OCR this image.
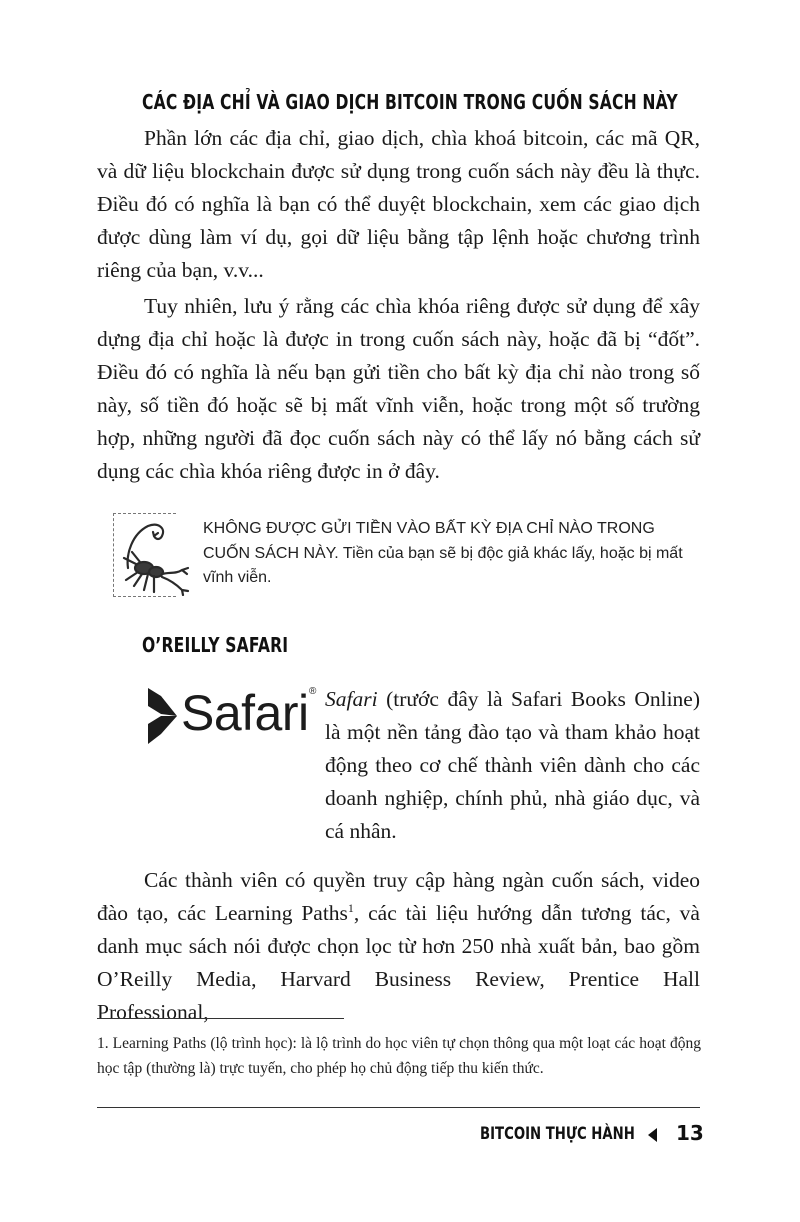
CÁC ĐỊA CHỈ VÀ GIAO DỊCH BITCOIN TRONG CUỐN SÁCH NÀY

Phần lớn các địa chỉ, giao dịch, chìa khoá bitcoin, các mã QR, và dữ liệu blockchain được sử dụng trong cuốn sách này đều là thực. Điều đó có nghĩa là bạn có thể duyệt blockchain, xem các giao dịch được dùng làm ví dụ, gọi dữ liệu bằng tập lệnh hoặc chương trình riêng của bạn, v.v...

Tuy nhiên, lưu ý rằng các chìa khóa riêng được sử dụng để xây dựng địa chỉ hoặc là được in trong cuốn sách này, hoặc đã bị “đốt”. Điều đó có nghĩa là nếu bạn gửi tiền cho bất kỳ địa chỉ nào trong số này, số tiền đó hoặc sẽ bị mất vĩnh viễn, hoặc trong một số trường hợp, những người đã đọc cuốn sách này có thể lấy nó bằng cách sử dụng các chìa khóa riêng được in ở đây.

KHÔNG ĐƯỢC GỬI TIỀN VÀO BẤT KỲ ĐỊA CHỈ NÀO TRONG CUỐN SÁCH NÀY. Tiền của bạn sẽ bị độc giả khác lấy, hoặc bị mất vĩnh viễn.

O’REILLY SAFARI
Safari ® Safari (trước đây là Safari Books Online) là một nền tảng đào tạo và tham khảo hoạt động theo cơ chế thành viên dành cho các doanh nghiệp, chính phủ, nhà giáo dục, và cá nhân.

Các thành viên có quyền truy cập hàng ngàn cuốn sách, video đào tạo, các Learning Paths$^1$, các tài liệu hướng dẫn tương tác, và danh mục sách nói được chọn lọc từ hơn 250 nhà xuất bản, bao gồm O’Reilly Media, Harvard Business Review, Prentice Hall Professional,

1. Learning Paths (lộ trình học): là lộ trình do học viên tự chọn thông qua một loạt các hoạt động học tập (thường là) trực tuyến, cho phép họ chủ động tiếp thu kiến thức.

BITCOIN THỰC HÀNH 13
